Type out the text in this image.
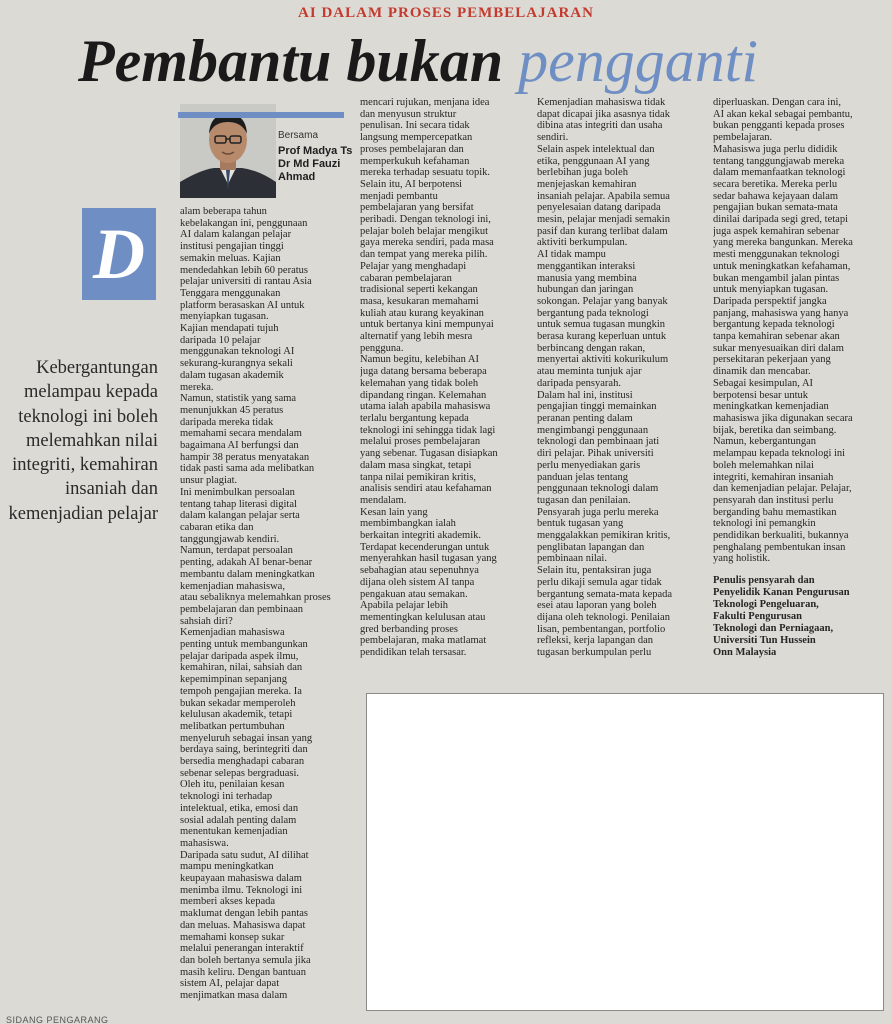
AI DALAM PROSES PEMBELAJARAN
Pembantu bukan pengganti
Bersama
Prof Madya Ts
Dr Md Fauzi
Ahmad
D
Kebergantungan melampau kepada teknologi ini boleh melemahkan nilai integriti, kemahiran insaniah dan kemenjadian pelajar

alam beberapa tahun
kebelakangan ini, penggunaan
AI dalam kalangan pelajar
institusi pengajian tinggi
semakin meluas. Kajian
mendedahkan lebih 60 peratus
pelajar universiti di rantau Asia
Tenggara menggunakan
platform berasaskan AI untuk
menyiapkan tugasan.

Kajian mendapati tujuh
daripada 10 pelajar
menggunakan teknologi AI
sekurang-kurangnya sekali
dalam tugasan akademik
mereka.

Namun, statistik yang sama
menunjukkan 45 peratus
daripada mereka tidak
memahami secara mendalam
bagaimana AI berfungsi dan
hampir 38 peratus menyatakan
tidak pasti sama ada melibatkan
unsur plagiat.

Ini menimbulkan persoalan
tentang tahap literasi digital
dalam kalangan pelajar serta
cabaran etika dan
tanggungjawab kendiri.

Namun, terdapat persoalan
penting, adakah AI benar-benar
membantu dalam meningkatkan
kemenjadian mahasiswa,
atau sebaliknya melemahkan proses
pembelajaran dan pembinaan
sahsiah diri?

Kemenjadian mahasiswa
penting untuk membangunkan
pelajar daripada aspek ilmu,
kemahiran, nilai, sahsiah dan
kepemimpinan sepanjang
tempoh pengajian mereka. Ia
bukan sekadar memperoleh
kelulusan akademik, tetapi
melibatkan pertumbuhan
menyeluruh sebagai insan yang
berdaya saing, berintegriti dan
bersedia menghadapi cabaran
sebenar selepas bergraduasi.
Oleh itu, penilaian kesan
teknologi ini terhadap
intelektual, etika, emosi dan
sosial adalah penting dalam
menentukan kemenjadian
mahasiswa.

Daripada satu sudut, AI dilihat
mampu meningkatkan
keupayaan mahasiswa dalam
menimba ilmu. Teknologi ini
memberi akses kepada
maklumat dengan lebih pantas
dan meluas. Mahasiswa dapat
memahami konsep sukar
melalui penerangan interaktif
dan boleh bertanya semula jika
masih keliru. Dengan bantuan
sistem AI, pelajar dapat
menjimatkan masa dalam

mencari rujukan, menjana idea
dan menyusun struktur
penulisan. Ini secara tidak
langsung mempercepatkan
proses pembelajaran dan
memperkukuh kefahaman
mereka terhadap sesuatu topik.

Selain itu, AI berpotensi
menjadi pembantu
pembelajaran yang bersifat
peribadi. Dengan teknologi ini,
pelajar boleh belajar mengikut
gaya mereka sendiri, pada masa
dan tempat yang mereka pilih.
Pelajar yang menghadapi
cabaran pembelajaran
tradisional seperti kekangan
masa, kesukaran memahami
kuliah atau kurang keyakinan
untuk bertanya kini mempunyai
alternatif yang lebih mesra
pengguna.

Namun begitu, kelebihan AI
juga datang bersama beberapa
kelemahan yang tidak boleh
dipandang ringan. Kelemahan
utama ialah apabila mahasiswa
terlalu bergantung kepada
teknologi ini sehingga tidak lagi
melalui proses pembelajaran
yang sebenar. Tugasan disiapkan
dalam masa singkat, tetapi
tanpa nilai pemikiran kritis,
analisis sendiri atau kefahaman
mendalam.

Kesan lain yang
membimbangkan ialah
berkaitan integriti akademik.
Terdapat kecenderungan untuk
menyerahkan hasil tugasan yang
sebahagian atau sepenuhnya
dijana oleh sistem AI tanpa
pengakuan atau semakan.
Apabila pelajar lebih
mementingkan kelulusan atau
gred berbanding proses
pembelajaran, maka matlamat
pendidikan telah tersasar.

Kemenjadian mahasiswa tidak
dapat dicapai jika asasnya tidak
dibina atas integriti dan usaha
sendiri.

Selain aspek intelektual dan
etika, penggunaan AI yang
berlebihan juga boleh
menjejaskan kemahiran
insaniah pelajar. Apabila semua
penyelesaian datang daripada
mesin, pelajar menjadi semakin
pasif dan kurang terlibat dalam
aktiviti berkumpulan.

AI tidak mampu
menggantikan interaksi
manusia yang membina
hubungan dan jaringan
sokongan. Pelajar yang banyak
bergantung pada teknologi
untuk semua tugasan mungkin
berasa kurang keperluan untuk
berbincang dengan rakan,
menyertai aktiviti kokurikulum
atau meminta tunjuk ajar
daripada pensyarah.

Dalam hal ini, institusi
pengajian tinggi memainkan
peranan penting dalam
mengimbangi penggunaan
teknologi dan pembinaan jati
diri pelajar. Pihak universiti
perlu menyediakan garis
panduan jelas tentang
penggunaan teknologi dalam
tugasan dan penilaian.
Pensyarah juga perlu mereka
bentuk tugasan yang
menggalakkan pemikiran kritis,
penglibatan lapangan dan
pembinaan nilai.

Selain itu, pentaksiran juga
perlu dikaji semula agar tidak
bergantung semata-mata kepada
esei atau laporan yang boleh
dijana oleh teknologi. Penilaian
lisan, pembentangan, portfolio
refleksi, kerja lapangan dan
tugasan berkumpulan perlu

diperluaskan. Dengan cara ini,
AI akan kekal sebagai pembantu,
bukan pengganti kepada proses
pembelajaran.

Mahasiswa juga perlu dididik
tentang tanggungjawab mereka
dalam memanfaatkan teknologi
secara beretika. Mereka perlu
sedar bahawa kejayaan dalam
pengajian bukan semata-mata
dinilai daripada segi gred, tetapi
juga aspek kemahiran sebenar
yang mereka bangunkan. Mereka
mesti menggunakan teknologi
untuk meningkatkan kefahaman,
bukan mengambil jalan pintas
untuk menyiapkan tugasan.

Daripada perspektif jangka
panjang, mahasiswa yang hanya
bergantung kepada teknologi
tanpa kemahiran sebenar akan
sukar menyesuaikan diri dalam
persekitaran pekerjaan yang
dinamik dan mencabar.

Sebagai kesimpulan, AI
berpotensi besar untuk
meningkatkan kemenjadian
mahasiswa jika digunakan secara
bijak, beretika dan seimbang.
Namun, kebergantungan
melampau kepada teknologi ini
boleh melemahkan nilai
integriti, kemahiran insaniah
dan kemenjadian pelajar. Pelajar,
pensyarah dan institusi perlu
berganding bahu memastikan
teknologi ini pemangkin
pendidikan berkualiti, bukannya
penghalang pembentukan insan
yang holistik.

Penulis pensyarah dan
Penyelidik Kanan Pengurusan
Teknologi Pengeluaran,
Fakulti Pengurusan
Teknologi dan Perniagaan,
Universiti Tun Hussein
Onn Malaysia

SIDANG PENGARANG
